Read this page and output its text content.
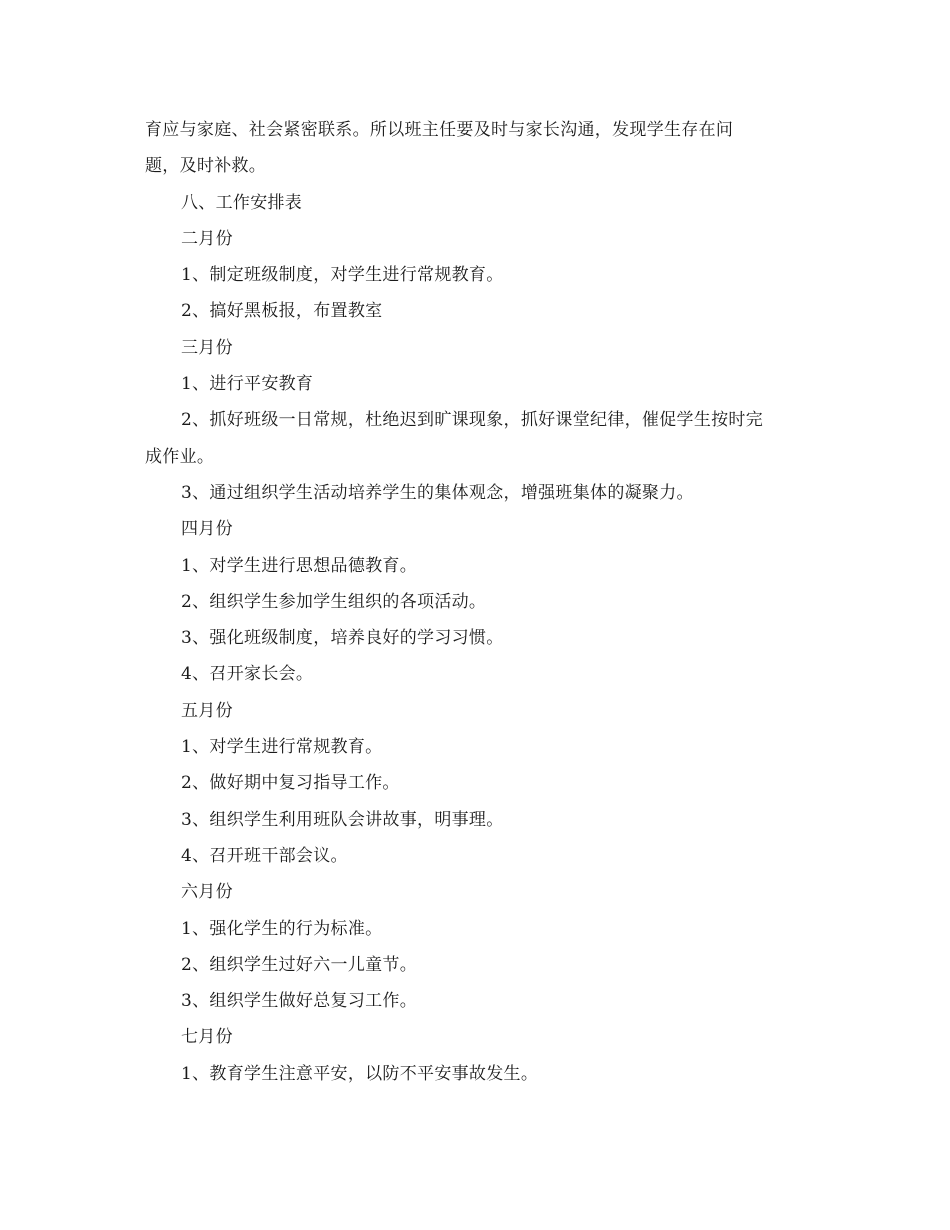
育应与家庭、社会紧密联系。所以班主任要及时与家长沟通，发现学生存在问
题，及时补救。
八、工作安排表
二月份
1、制定班级制度，对学生进行常规教育。
2、搞好黑板报，布置教室
三月份
1、进行平安教育
2、抓好班级一日常规，杜绝迟到旷课现象，抓好课堂纪律，催促学生按时完
成作业。
3、通过组织学生活动培养学生的集体观念，增强班集体的凝聚力。
四月份
1、对学生进行思想品德教育。
2、组织学生参加学生组织的各项活动。
3、强化班级制度，培养良好的学习习惯。
4、召开家长会。
五月份
1、对学生进行常规教育。
2、做好期中复习指导工作。
3、组织学生利用班队会讲故事，明事理。
4、召开班干部会议。
六月份
1、强化学生的行为标准。
2、组织学生过好六一儿童节。
3、组织学生做好总复习工作。
七月份
1、教育学生注意平安，以防不平安事故发生。
